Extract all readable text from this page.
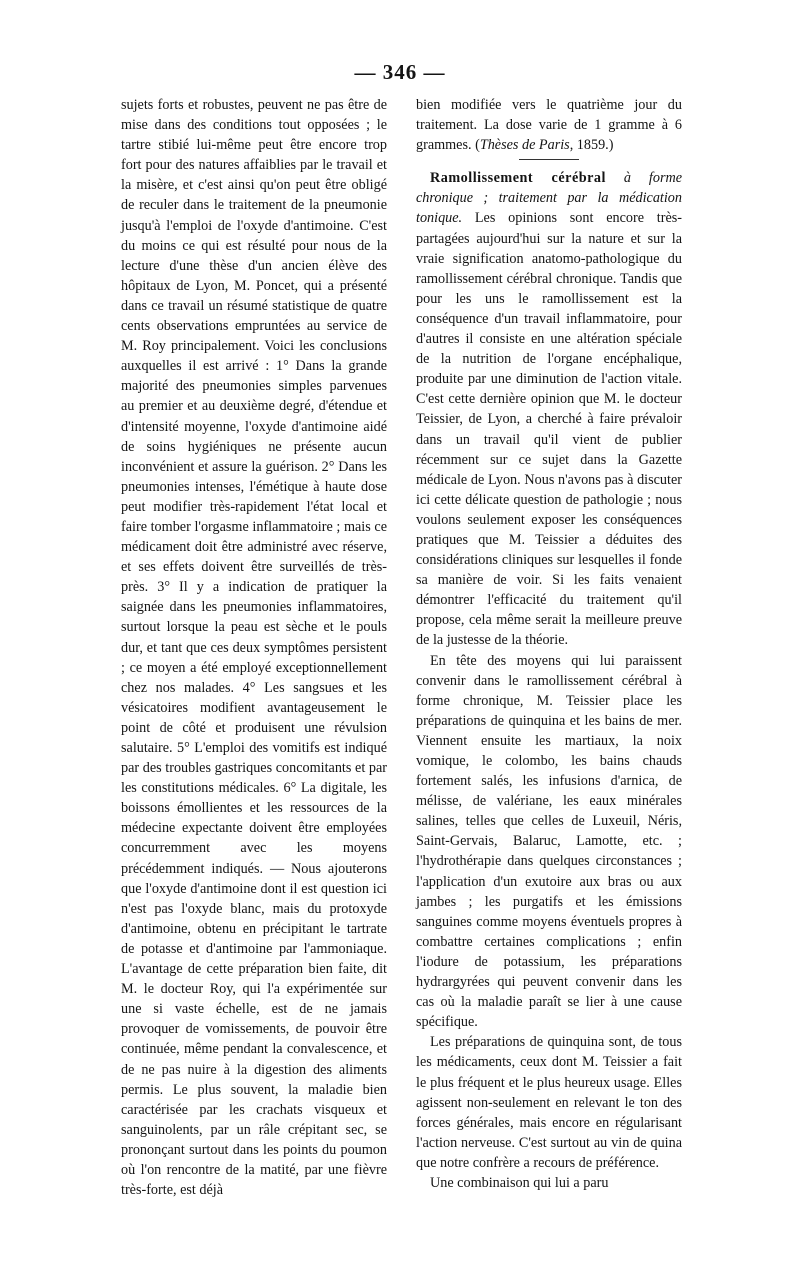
— 346 —

sujets forts et robustes, peuvent ne pas être de mise dans des conditions tout opposées ; le tartre stibié lui-même peut être encore trop fort pour des natures affaiblies par le travail et la misère, et c'est ainsi qu'on peut être obligé de reculer dans le traitement de la pneumonie jusqu'à l'emploi de l'oxyde d'antimoine. C'est du moins ce qui est résulté pour nous de la lecture d'une thèse d'un ancien élève des hôpitaux de Lyon, M. Poncet, qui a présenté dans ce travail un résumé statistique de quatre cents observations empruntées au service de M. Roy principalement. Voici les conclusions auxquelles il est arrivé : 1° Dans la grande majorité des pneumonies simples parvenues au premier et au deuxième degré, d'étendue et d'intensité moyenne, l'oxyde d'antimoine aidé de soins hygiéniques ne présente aucun inconvénient et assure la guérison. 2° Dans les pneumonies intenses, l'émétique à haute dose peut modifier très-rapidement l'état local et faire tomber l'orgasme inflammatoire ; mais ce médicament doit être administré avec réserve, et ses effets doivent être surveillés de très-près. 3° Il y a indication de pratiquer la saignée dans les pneumonies inflammatoires, surtout lorsque la peau est sèche et le pouls dur, et tant que ces deux symptômes persistent ; ce moyen a été employé exceptionnellement chez nos malades. 4° Les sangsues et les vésicatoires modifient avantageusement le point de côté et produisent une révulsion salutaire. 5° L'emploi des vomitifs est indiqué par des troubles gastriques concomitants et par les constitutions médicales. 6° La digitale, les boissons émollientes et les ressources de la médecine expectante doivent être employées concurremment avec les moyens précédemment indiqués. — Nous ajouterons que l'oxyde d'antimoine dont il est question ici n'est pas l'oxyde blanc, mais du protoxyde d'antimoine, obtenu en précipitant le tartrate de potasse et d'antimoine par l'ammoniaque. L'avantage de cette préparation bien faite, dit M. le docteur Roy, qui l'a expérimentée sur une si vaste échelle, est de ne jamais provoquer de vomissements, de pouvoir être continuée, même pendant la convalescence, et de ne pas nuire à la digestion des aliments permis. Le plus souvent, la maladie bien caractérisée par les crachats visqueux et sanguinolents, par un râle crépitant sec, se prononçant surtout dans les points du poumon où l'on rencontre de la matité, par une fièvre très-forte, est déjà

bien modifiée vers le quatrième jour du traitement. La dose varie de 1 gramme à 6 grammes. (Thèses de Paris, 1859.)

Ramollissement cérébral à forme chronique ; traitement par la médication tonique. Les opinions sont encore très-partagées aujourd'hui sur la nature et sur la vraie signification anatomo-pathologique du ramollissement cérébral chronique. Tandis que pour les uns le ramollissement est la conséquence d'un travail inflammatoire, pour d'autres il consiste en une altération spéciale de la nutrition de l'organe encéphalique, produite par une diminution de l'action vitale. C'est cette dernière opinion que M. le docteur Teissier, de Lyon, a cherché à faire prévaloir dans un travail qu'il vient de publier récemment sur ce sujet dans la Gazette médicale de Lyon. Nous n'avons pas à discuter ici cette délicate question de pathologie ; nous voulons seulement exposer les conséquences pratiques que M. Teissier a déduites des considérations cliniques sur lesquelles il fonde sa manière de voir. Si les faits venaient démontrer l'efficacité du traitement qu'il propose, cela même serait la meilleure preuve de la justesse de la théorie.

En tête des moyens qui lui paraissent convenir dans le ramollissement cérébral à forme chronique, M. Teissier place les préparations de quinquina et les bains de mer. Viennent ensuite les martiaux, la noix vomique, le colombo, les bains chauds fortement salés, les infusions d'arnica, de mélisse, de valériane, les eaux minérales salines, telles que celles de Luxeuil, Néris, Saint-Gervais, Balaruc, Lamotte, etc. ; l'hydrothérapie dans quelques circonstances ; l'application d'un exutoire aux bras ou aux jambes ; les purgatifs et les émissions sanguines comme moyens éventuels propres à combattre certaines complications ; enfin l'iodure de potassium, les préparations hydrargyrées qui peuvent convenir dans les cas où la maladie paraît se lier à une cause spécifique.

Les préparations de quinquina sont, de tous les médicaments, ceux dont M. Teissier a fait le plus fréquent et le plus heureux usage. Elles agissent non-seulement en relevant le ton des forces générales, mais encore en régularisant l'action nerveuse. C'est surtout au vin de quina que notre confrère a recours de préférence.

Une combinaison qui lui a paru
